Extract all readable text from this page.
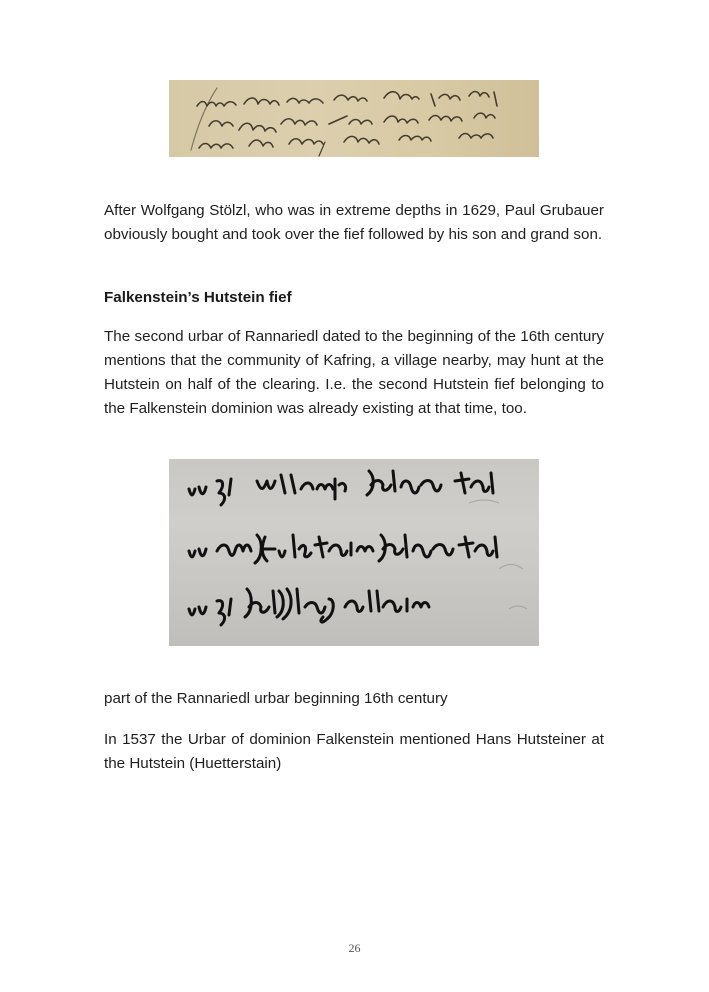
After Wolfgang Stölzl, who was in extreme depths in 1629, Paul Grubauer obviously bought and took over the fief followed by his son and grand son.

Falkenstein’s Hutstein fief

The second urbar of Rannariedl dated to the beginning of the 16th century mentions that the community of Kafring, a village nearby, may hunt at the Hutstein on half of the clearing. I.e. the second Hutstein fief belonging to the Falkenstein dominion was already existing at that time, too.

part of the Rannariedl urbar beginning 16th century

In 1537 the Urbar of dominion Falkenstein mentioned Hans Hutsteiner at the Hutstein (Huetterstain)

26
